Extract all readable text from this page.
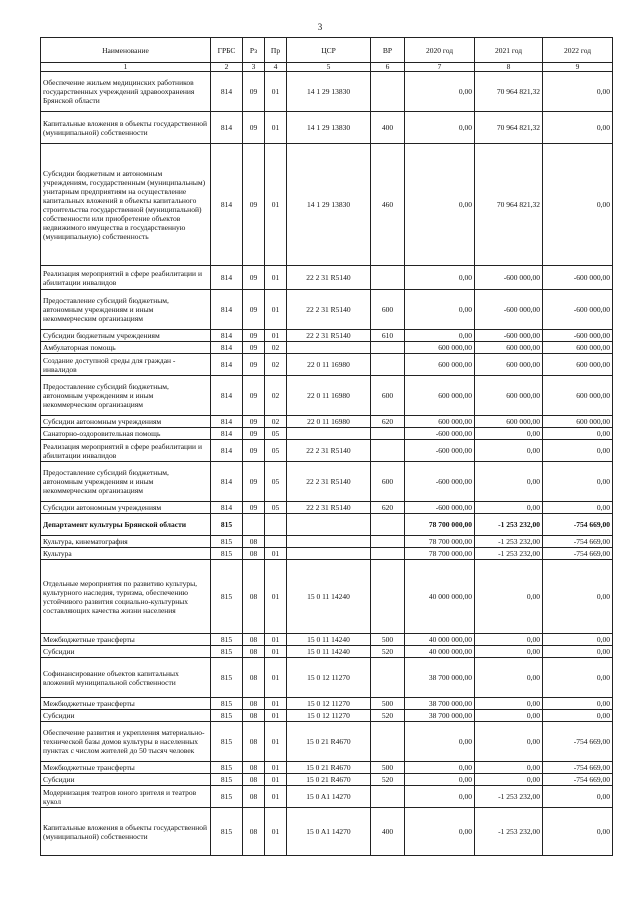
3
Наименование	ГРБС	Рз	Пр	ЦСР	ВР	2020 год	2021 год	2022 год
1	2	3	4	5	6	7	8	9
Обеспечение жильем медицинских работников государственных учреждений здравоохранения Брянской области	814	09	01	14 1 29 13830		0,00	70 964 821,32	0,00
Капитальные вложения в объекты государственной (муниципальной) собственности	814	09	01	14 1 29 13830	400	0,00	70 964 821,32	0,00
Субсидии бюджетным и автономным учреждениям, государственным (муниципальным) унитарным предприятиям на осуществление капитальных вложений в объекты капитального строительства государственной (муниципальной) собственности или приобретение объектов недвижимого имущества в государственную (муниципальную) собственность	814	09	01	14 1 29 13830	460	0,00	70 964 821,32	0,00
Реализация мероприятий в сфере реабилитации и абилитации инвалидов	814	09	01	22 2 31 R5140		0,00	-600 000,00	-600 000,00
Предоставление субсидий бюджетным, автономным учреждениям и иным некоммерческим организациям	814	09	01	22 2 31 R5140	600	0,00	-600 000,00	-600 000,00
Субсидии бюджетным учреждениям	814	09	01	22 2 31 R5140	610	0,00	-600 000,00	-600 000,00
Амбулаторная помощь	814	09	02			600 000,00	600 000,00	600 000,00
Создание доступной среды для граждан - инвалидов	814	09	02	22 0 11 16980		600 000,00	600 000,00	600 000,00
Предоставление субсидий бюджетным, автономным учреждениям и иным некоммерческим организациям	814	09	02	22 0 11 16980	600	600 000,00	600 000,00	600 000,00
Субсидии автономным учреждениям	814	09	02	22 0 11 16980	620	600 000,00	600 000,00	600 000,00
Санаторно-оздоровительная помощь	814	09	05			-600 000,00	0,00	0,00
Реализация мероприятий в сфере реабилитации и абилитации инвалидов	814	09	05	22 2 31 R5140		-600 000,00	0,00	0,00
Предоставление субсидий бюджетным, автономным учреждениям и иным некоммерческим организациям	814	09	05	22 2 31 R5140	600	-600 000,00	0,00	0,00
Субсидии автономным учреждениям	814	09	05	22 2 31 R5140	620	-600 000,00	0,00	0,00
Департамент культуры Брянской области	815					78 700 000,00	-1 253 232,00	-754 669,00
Культура, кинематография	815	08				78 700 000,00	-1 253 232,00	-754 669,00
Культура	815	08	01			78 700 000,00	-1 253 232,00	-754 669,00
Отдельные мероприятия по развитию культуры, культурного наследия, туризма, обеспечению устойчивого развития социально-культурных составляющих качества жизни населения	815	08	01	15 0 11 14240		40 000 000,00	0,00	0,00
Межбюджетные трансферты	815	08	01	15 0 11 14240	500	40 000 000,00	0,00	0,00
Субсидии	815	08	01	15 0 11 14240	520	40 000 000,00	0,00	0,00
Софинансирование объектов капитальных вложений муниципальной собственности	815	08	01	15 0 12 11270		38 700 000,00	0,00	0,00
Межбюджетные трансферты	815	08	01	15 0 12 11270	500	38 700 000,00	0,00	0,00
Субсидии	815	08	01	15 0 12 11270	520	38 700 000,00	0,00	0,00
Обеспечение развития и укрепления материально-технической базы домов культуры в населенных пунктах с числом жителей до 50 тысяч человек	815	08	01	15 0 21 R4670		0,00	0,00	-754 669,00
Межбюджетные трансферты	815	08	01	15 0 21 R4670	500	0,00	0,00	-754 669,00
Субсидии	815	08	01	15 0 21 R4670	520	0,00	0,00	-754 669,00
Модернизация театров юного зрителя и театров кукол	815	08	01	15 0 A1 14270		0,00	-1 253 232,00	0,00
Капитальные вложения в объекты государственной (муниципальной) собственности	815	08	01	15 0 A1 14270	400	0,00	-1 253 232,00	0,00
